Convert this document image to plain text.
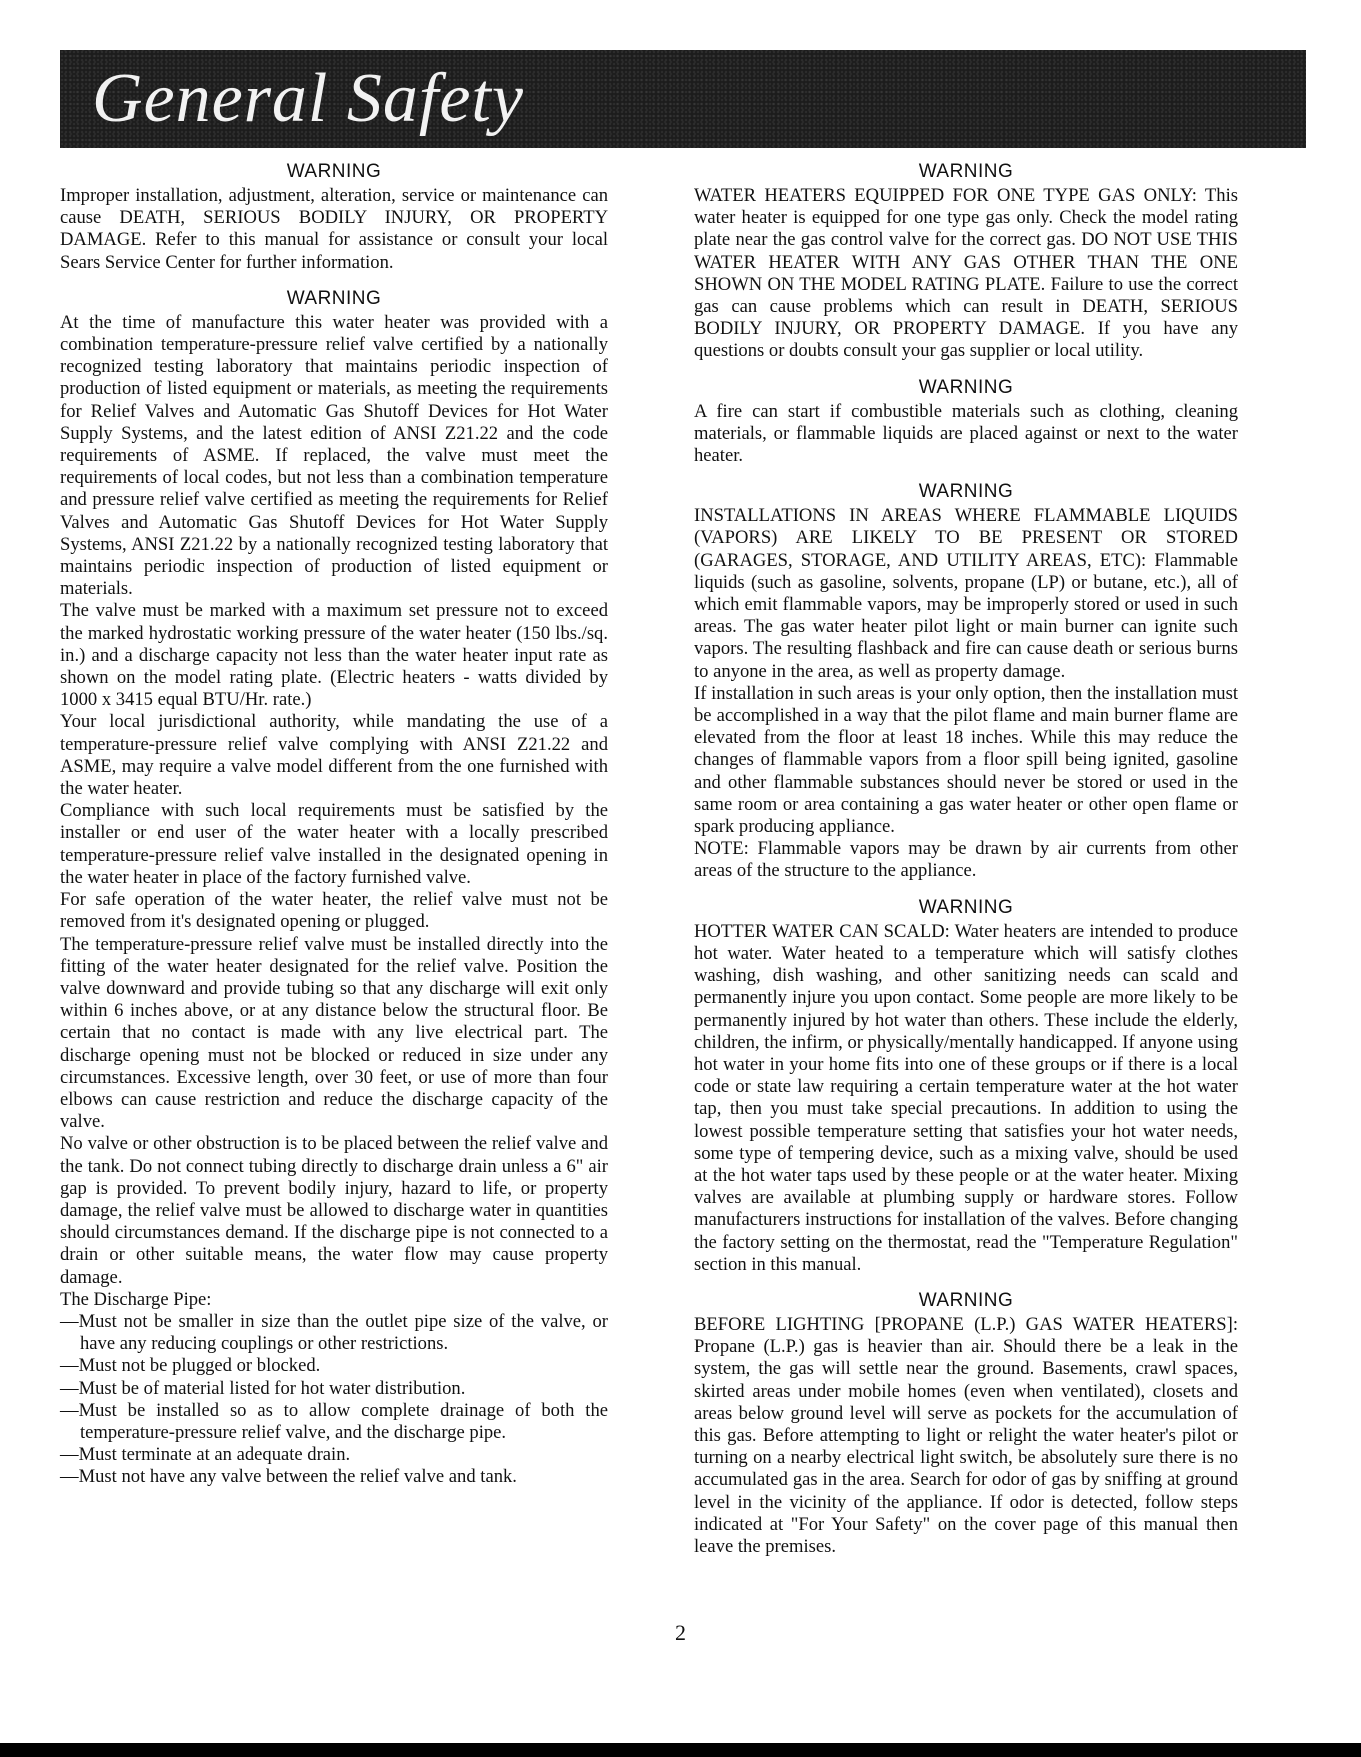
General Safety
WARNING

Improper installation, adjustment, alteration, service or maintenance can cause DEATH, SERIOUS BODILY INJURY, OR PROPERTY DAMAGE. Refer to this manual for assistance or consult your local Sears Service Center for further information.

WARNING

At the time of manufacture this water heater was provided with a combination temperature-pressure relief valve certified by a nationally recognized testing laboratory that maintains periodic inspection of production of listed equipment or materials, as meeting the requirements for Relief Valves and Automatic Gas Shutoff Devices for Hot Water Supply Systems, and the latest edition of ANSI Z21.22 and the code requirements of ASME. If replaced, the valve must meet the requirements of local codes, but not less than a combination temperature and pressure relief valve certified as meeting the requirements for Relief Valves and Automatic Gas Shutoff Devices for Hot Water Supply Systems, ANSI Z21.22 by a nationally recognized testing laboratory that maintains periodic inspection of production of listed equipment or materials.

The valve must be marked with a maximum set pressure not to exceed the marked hydrostatic working pressure of the water heater (150 lbs./sq. in.) and a discharge capacity not less than the water heater input rate as shown on the model rating plate. (Electric heaters - watts divided by 1000 x 3415 equal BTU/Hr. rate.)

Your local jurisdictional authority, while mandating the use of a temperature-pressure relief valve complying with ANSI Z21.22 and ASME, may require a valve model different from the one furnished with the water heater.

Compliance with such local requirements must be satisfied by the installer or end user of the water heater with a locally prescribed temperature-pressure relief valve installed in the designated opening in the water heater in place of the factory furnished valve.

For safe operation of the water heater, the relief valve must not be removed from it's designated opening or plugged.

The temperature-pressure relief valve must be installed directly into the fitting of the water heater designated for the relief valve. Position the valve downward and provide tubing so that any discharge will exit only within 6 inches above, or at any distance below the structural floor. Be certain that no contact is made with any live electrical part. The discharge opening must not be blocked or reduced in size under any circumstances. Excessive length, over 30 feet, or use of more than four elbows can cause restriction and reduce the discharge capacity of the valve.

No valve or other obstruction is to be placed between the relief valve and the tank. Do not connect tubing directly to discharge drain unless a 6" air gap is provided. To prevent bodily injury, hazard to life, or property damage, the relief valve must be allowed to discharge water in quantities should circumstances demand. If the discharge pipe is not connected to a drain or other suitable means, the water flow may cause property damage.

The Discharge Pipe:

—Must not be smaller in size than the outlet pipe size of the valve, or have any reducing couplings or other restrictions.
—Must not be plugged or blocked.
—Must be of material listed for hot water distribution.
—Must be installed so as to allow complete drainage of both the temperature-pressure relief valve, and the discharge pipe.
—Must terminate at an adequate drain.
—Must not have any valve between the relief valve and tank.
WARNING

WATER HEATERS EQUIPPED FOR ONE TYPE GAS ONLY: This water heater is equipped for one type gas only. Check the model rating plate near the gas control valve for the correct gas. DO NOT USE THIS WATER HEATER WITH ANY GAS OTHER THAN THE ONE SHOWN ON THE MODEL RATING PLATE. Failure to use the correct gas can cause problems which can result in DEATH, SERIOUS BODILY INJURY, OR PROPERTY DAMAGE. If you have any questions or doubts consult your gas supplier or local utility.

WARNING

A fire can start if combustible materials such as clothing, cleaning materials, or flammable liquids are placed against or next to the water heater.

WARNING

INSTALLATIONS IN AREAS WHERE FLAMMABLE LIQUIDS (VAPORS) ARE LIKELY TO BE PRESENT OR STORED (GARAGES, STORAGE, AND UTILITY AREAS, ETC): Flammable liquids (such as gasoline, solvents, propane (LP) or butane, etc.), all of which emit flammable vapors, may be improperly stored or used in such areas. The gas water heater pilot light or main burner can ignite such vapors. The resulting flashback and fire can cause death or serious burns to anyone in the area, as well as property damage.

If installation in such areas is your only option, then the installation must be accomplished in a way that the pilot flame and main burner flame are elevated from the floor at least 18 inches. While this may reduce the changes of flammable vapors from a floor spill being ignited, gasoline and other flammable substances should never be stored or used in the same room or area containing a gas water heater or other open flame or spark producing appliance.

NOTE: Flammable vapors may be drawn by air currents from other areas of the structure to the appliance.

WARNING

HOTTER WATER CAN SCALD: Water heaters are intended to produce hot water. Water heated to a temperature which will satisfy clothes washing, dish washing, and other sanitizing needs can scald and permanently injure you upon contact. Some people are more likely to be permanently injured by hot water than others. These include the elderly, children, the infirm, or physically/mentally handicapped. If anyone using hot water in your home fits into one of these groups or if there is a local code or state law requiring a certain temperature water at the hot water tap, then you must take special precautions. In addition to using the lowest possible temperature setting that satisfies your hot water needs, some type of tempering device, such as a mixing valve, should be used at the hot water taps used by these people or at the water heater. Mixing valves are available at plumbing supply or hardware stores. Follow manufacturers instructions for installation of the valves. Before changing the factory setting on the thermostat, read the "Temperature Regulation" section in this manual.

WARNING

BEFORE LIGHTING [PROPANE (L.P.) GAS WATER HEATERS]: Propane (L.P.) gas is heavier than air. Should there be a leak in the system, the gas will settle near the ground. Basements, crawl spaces, skirted areas under mobile homes (even when ventilated), closets and areas below ground level will serve as pockets for the accumulation of this gas. Before attempting to light or relight the water heater's pilot or turning on a nearby electrical light switch, be absolutely sure there is no accumulated gas in the area. Search for odor of gas by sniffing at ground level in the vicinity of the appliance. If odor is detected, follow steps indicated at "For Your Safety" on the cover page of this manual then leave the premises.

2
